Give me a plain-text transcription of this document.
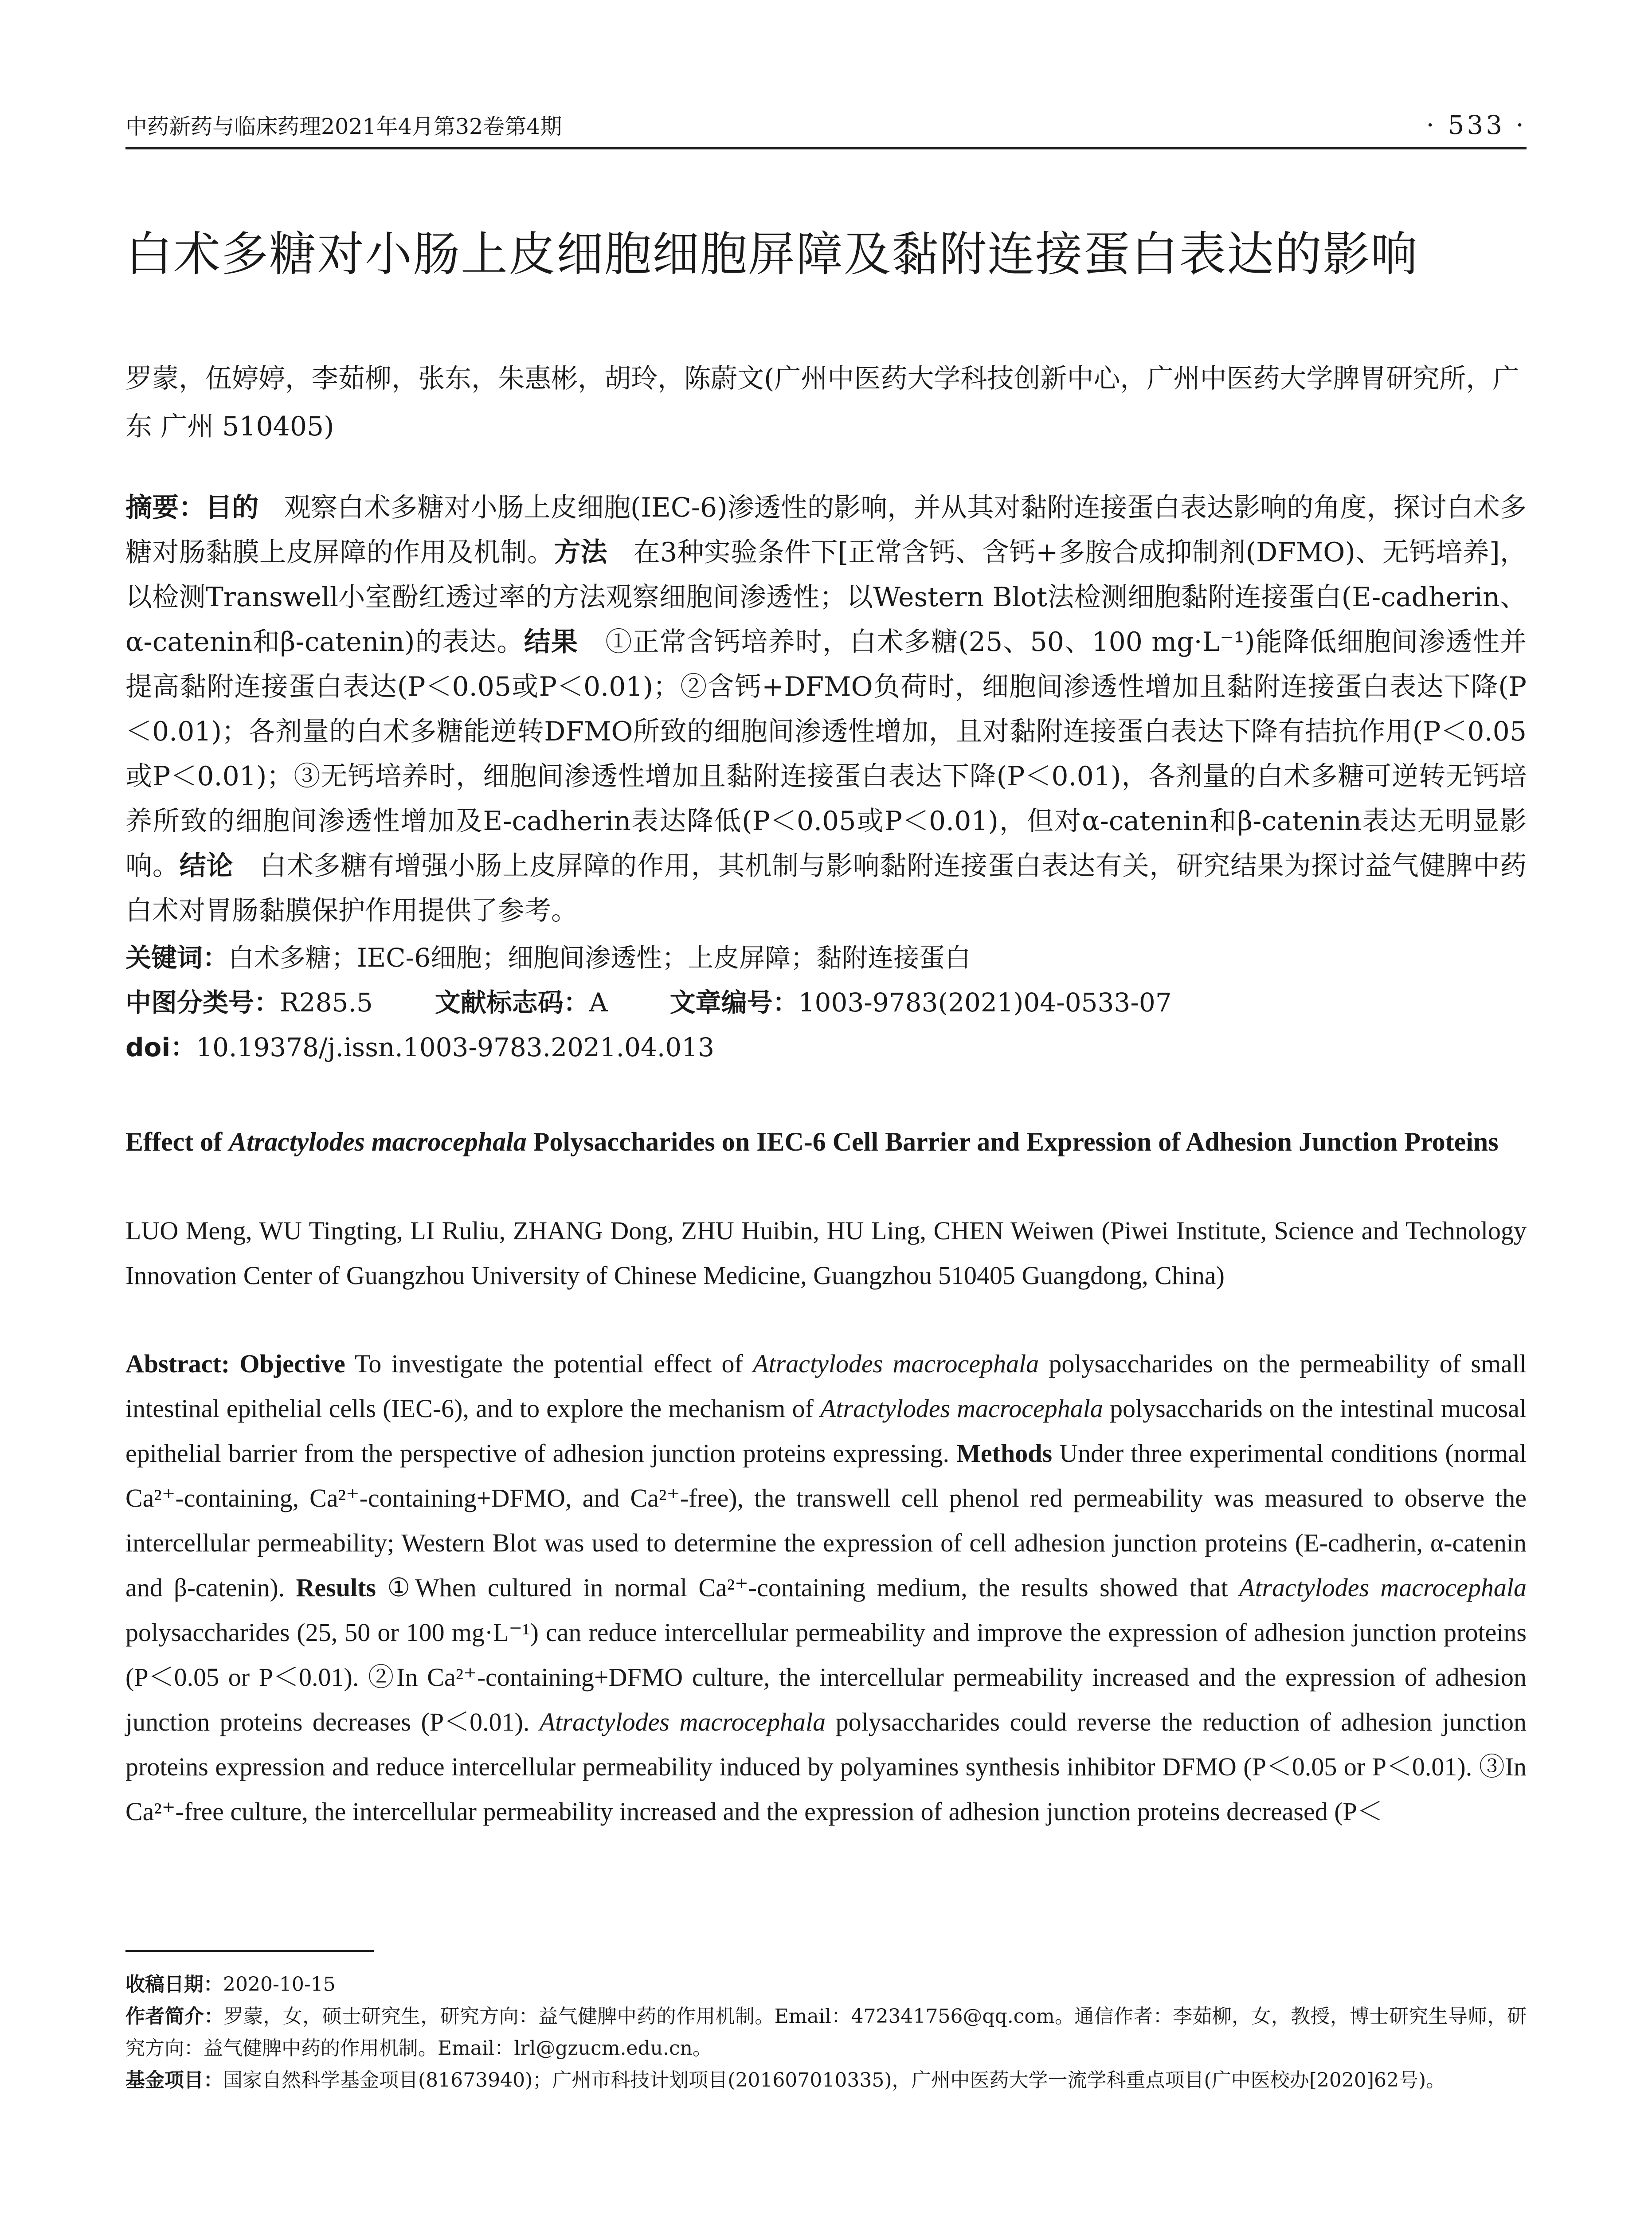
中药新药与临床药理2021年4月第32卷第4期	· 533 ·
白术多糖对小肠上皮细胞细胞屏障及黏附连接蛋白表达的影响
罗蒙，伍婷婷，李茹柳，张东，朱惠彬，胡玲，陈蔚文(广州中医药大学科技创新中心，广州中医药大学脾胃研究所，广东 广州 510405)
摘要：目的 观察白术多糖对小肠上皮细胞(IEC-6)渗透性的影响，并从其对黏附连接蛋白表达影响的角度，探讨白术多糖对肠黏膜上皮屏障的作用及机制。方法 在3种实验条件下[正常含钙、含钙+多胺合成抑制剂(DFMO)、无钙培养]，以检测Transwell小室酚红透过率的方法观察细胞间渗透性；以Western Blot法检测细胞黏附连接蛋白(E-cadherin、α-catenin和β-catenin)的表达。结果 ①正常含钙培养时，白术多糖(25、50、100 mg·L⁻¹)能降低细胞间渗透性并提高黏附连接蛋白表达(P＜0.05或P＜0.01)；②含钙+DFMO负荷时，细胞间渗透性增加且黏附连接蛋白表达下降(P＜0.01)；各剂量的白术多糖能逆转DFMO所致的细胞间渗透性增加，且对黏附连接蛋白表达下降有拮抗作用(P＜0.05或P＜0.01)；③无钙培养时，细胞间渗透性增加且黏附连接蛋白表达下降(P＜0.01)，各剂量的白术多糖可逆转无钙培养所致的细胞间渗透性增加及E-cadherin表达降低(P＜0.05或P＜0.01)，但对α-catenin和β-catenin表达无明显影响。结论 白术多糖有增强小肠上皮屏障的作用，其机制与影响黏附连接蛋白表达有关，研究结果为探讨益气健脾中药白术对胃肠黏膜保护作用提供了参考。
关键词：白术多糖；IEC-6细胞；细胞间渗透性；上皮屏障；黏附连接蛋白
中图分类号：R285.5 文献标志码：A 文章编号：1003-9783(2021)04-0533-07
doi：10.19378/j.issn.1003-9783.2021.04.013
Effect of Atractylodes macrocephala Polysaccharides on IEC-6 Cell Barrier and Expression of Adhesion Junction Proteins
LUO Meng, WU Tingting, LI Ruliu, ZHANG Dong, ZHU Huibin, HU Ling, CHEN Weiwen (Piwei Institute, Science and Technology Innovation Center of Guangzhou University of Chinese Medicine, Guangzhou 510405 Guangdong, China)
Abstract: Objective To investigate the potential effect of Atractylodes macrocephala polysaccharides on the permeability of small intestinal epithelial cells (IEC-6), and to explore the mechanism of Atractylodes macrocephala polysaccharids on the intestinal mucosal epithelial barrier from the perspective of adhesion junction proteins expressing. Methods Under three experimental conditions (normal Ca²⁺-containing, Ca²⁺-containing+DFMO, and Ca²⁺-free), the transwell cell phenol red permeability was measured to observe the intercellular permeability; Western Blot was used to determine the expression of cell adhesion junction proteins (E-cadherin, α-catenin and β-catenin). Results ①When cultured in normal Ca²⁺-containing medium, the results showed that Atractylodes macrocephala polysaccharides (25, 50 or 100 mg·L⁻¹) can reduce intercellular permeability and improve the expression of adhesion junction proteins (P＜0.05 or P＜0.01). ②In Ca²⁺-containing+DFMO culture, the intercellular permeability increased and the expression of adhesion junction proteins decreases (P＜0.01). Atractylodes macrocephala polysaccharides could reverse the reduction of adhesion junction proteins expression and reduce intercellular permeability induced by polyamines synthesis inhibitor DFMO (P＜0.05 or P＜0.01). ③In Ca²⁺-free culture, the intercellular permeability increased and the expression of adhesion junction proteins decreased (P＜
收稿日期：2020-10-15
作者简介：罗蒙，女，硕士研究生，研究方向：益气健脾中药的作用机制。Email：472341756@qq.com。通信作者：李茹柳，女，教授，博士研究生导师，研究方向：益气健脾中药的作用机制。Email：lrl@gzucm.edu.cn。
基金项目：国家自然科学基金项目(81673940)；广州市科技计划项目(201607010335)，广州中医药大学一流学科重点项目(广中医校办[2020]62号)。
